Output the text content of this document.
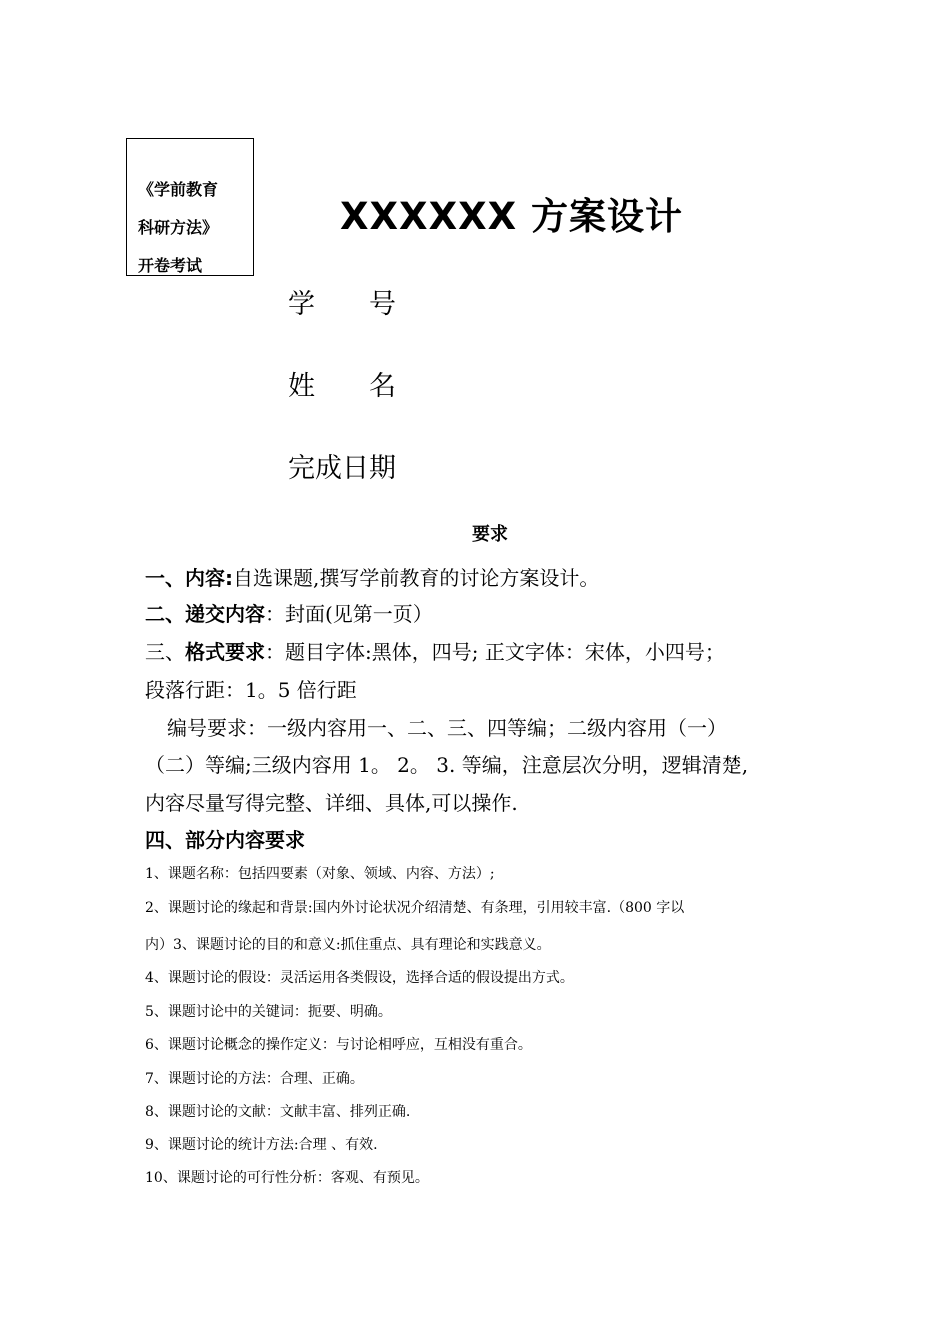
《学前教育
科研方法》
开卷考试
XXXXXX 方案设计
学　　号
姓　　名
完成日期
要求
一、内容:自选课题,撰写学前教育的讨论方案设计。
二、递交内容：封面(见第一页）
三、格式要求：题目字体:黑体，四号; 正文字体：宋体，小四号；
段落行距：1。5 倍行距
编号要求：一级内容用一、二、三、四等编；二级内容用（一）
（二）等编;三级内容用 1。 2。 3. 等编，注意层次分明，逻辑清楚,
内容尽量写得完整、详细、具体,可以操作.
四、部分内容要求
1、课题名称：包括四要素（对象、领域、内容、方法）;
2、课题讨论的缘起和背景:国内外讨论状况介绍清楚、有条理，引用较丰富.（800 字以
内）3、课题讨论的目的和意义:抓住重点、具有理论和实践意义。
4、课题讨论的假设：灵活运用各类假设，选择合适的假设提出方式。
5、课题讨论中的关键词：扼要、明确。
6、课题讨论概念的操作定义：与讨论相呼应，互相没有重合。
7、课题讨论的方法：合理、正确。
8、课题讨论的文献：文献丰富、排列正确.
9、课题讨论的统计方法:合理 、有效.
10、课题讨论的可行性分析：客观、有预见。
